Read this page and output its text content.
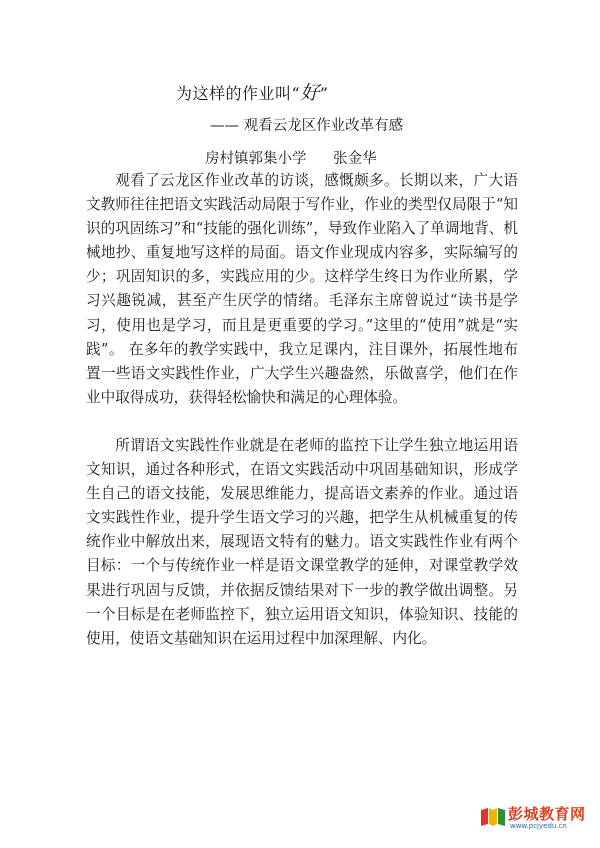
为这样的作业叫“好”
—— 观看云龙区作业改革有感
房村镇郭集小学 张金华

观看了云龙区作业改革的访谈，感慨颇多。长期以来，广大语文教师往往把语文实践活动局限于写作业，作业的类型仅局限于“知识的巩固练习”和“技能的强化训练”，导致作业陷入了单调地背、机械地抄、重复地写这样的局面。语文作业现成内容多，实际编写的少；巩固知识的多，实践应用的少。这样学生终日为作业所累，学习兴趣锐减，甚至产生厌学的情绪。毛泽东主席曾说过“读书是学习，使用也是学习，而且是更重要的学习。”这里的“使用”就是“实践”。 在多年的教学实践中，我立足课内，注目课外，拓展性地布置一些语文实践性作业，广大学生兴趣盎然，乐做喜学，他们在作业中取得成功，获得轻松愉快和满足的心理体验。

所谓语文实践性作业就是在老师的监控下让学生独立地运用语文知识，通过各种形式，在语文实践活动中巩固基础知识，形成学生自己的语文技能，发展思维能力，提高语文素养的作业。通过语文实践性作业，提升学生语文学习的兴趣，把学生从机械重复的传统作业中解放出来，展现语文特有的魅力。语文实践性作业有两个目标：一个与传统作业一样是语文课堂教学的延伸，对课堂教学效果进行巩固与反馈，并依据反馈结果对下一步的教学做出调整。另一个目标是在老师监控下，独立运用语文知识，体验知识、技能的使用，使语文基础知识在运用过程中加深理解、内化。

彭城教育网
www.pcjyedu.cn
